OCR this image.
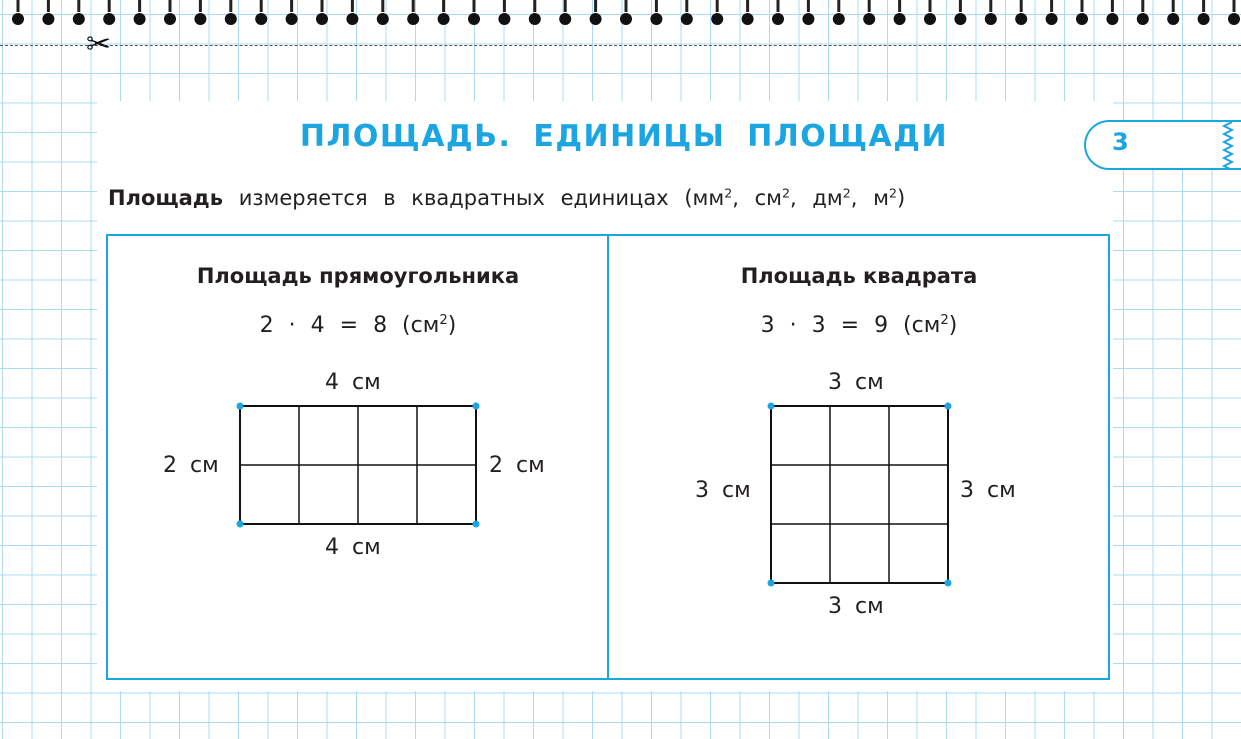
✂
ПЛОЩАДЬ. ЕДИНИЦЫ ПЛОЩАДИ	3
Площадь измеряется в квадратных единицах ($мм^2$, $см^2$, $дм^2$, $м^2$)
Площадь прямоугольника
2 · 4 = 8 $(см^2)$
4 см
4 см
2 см	2 см
Площадь квадрата
3 · 3 = 9 $(см^2)$
3 см
3 см
3 см	3 см
